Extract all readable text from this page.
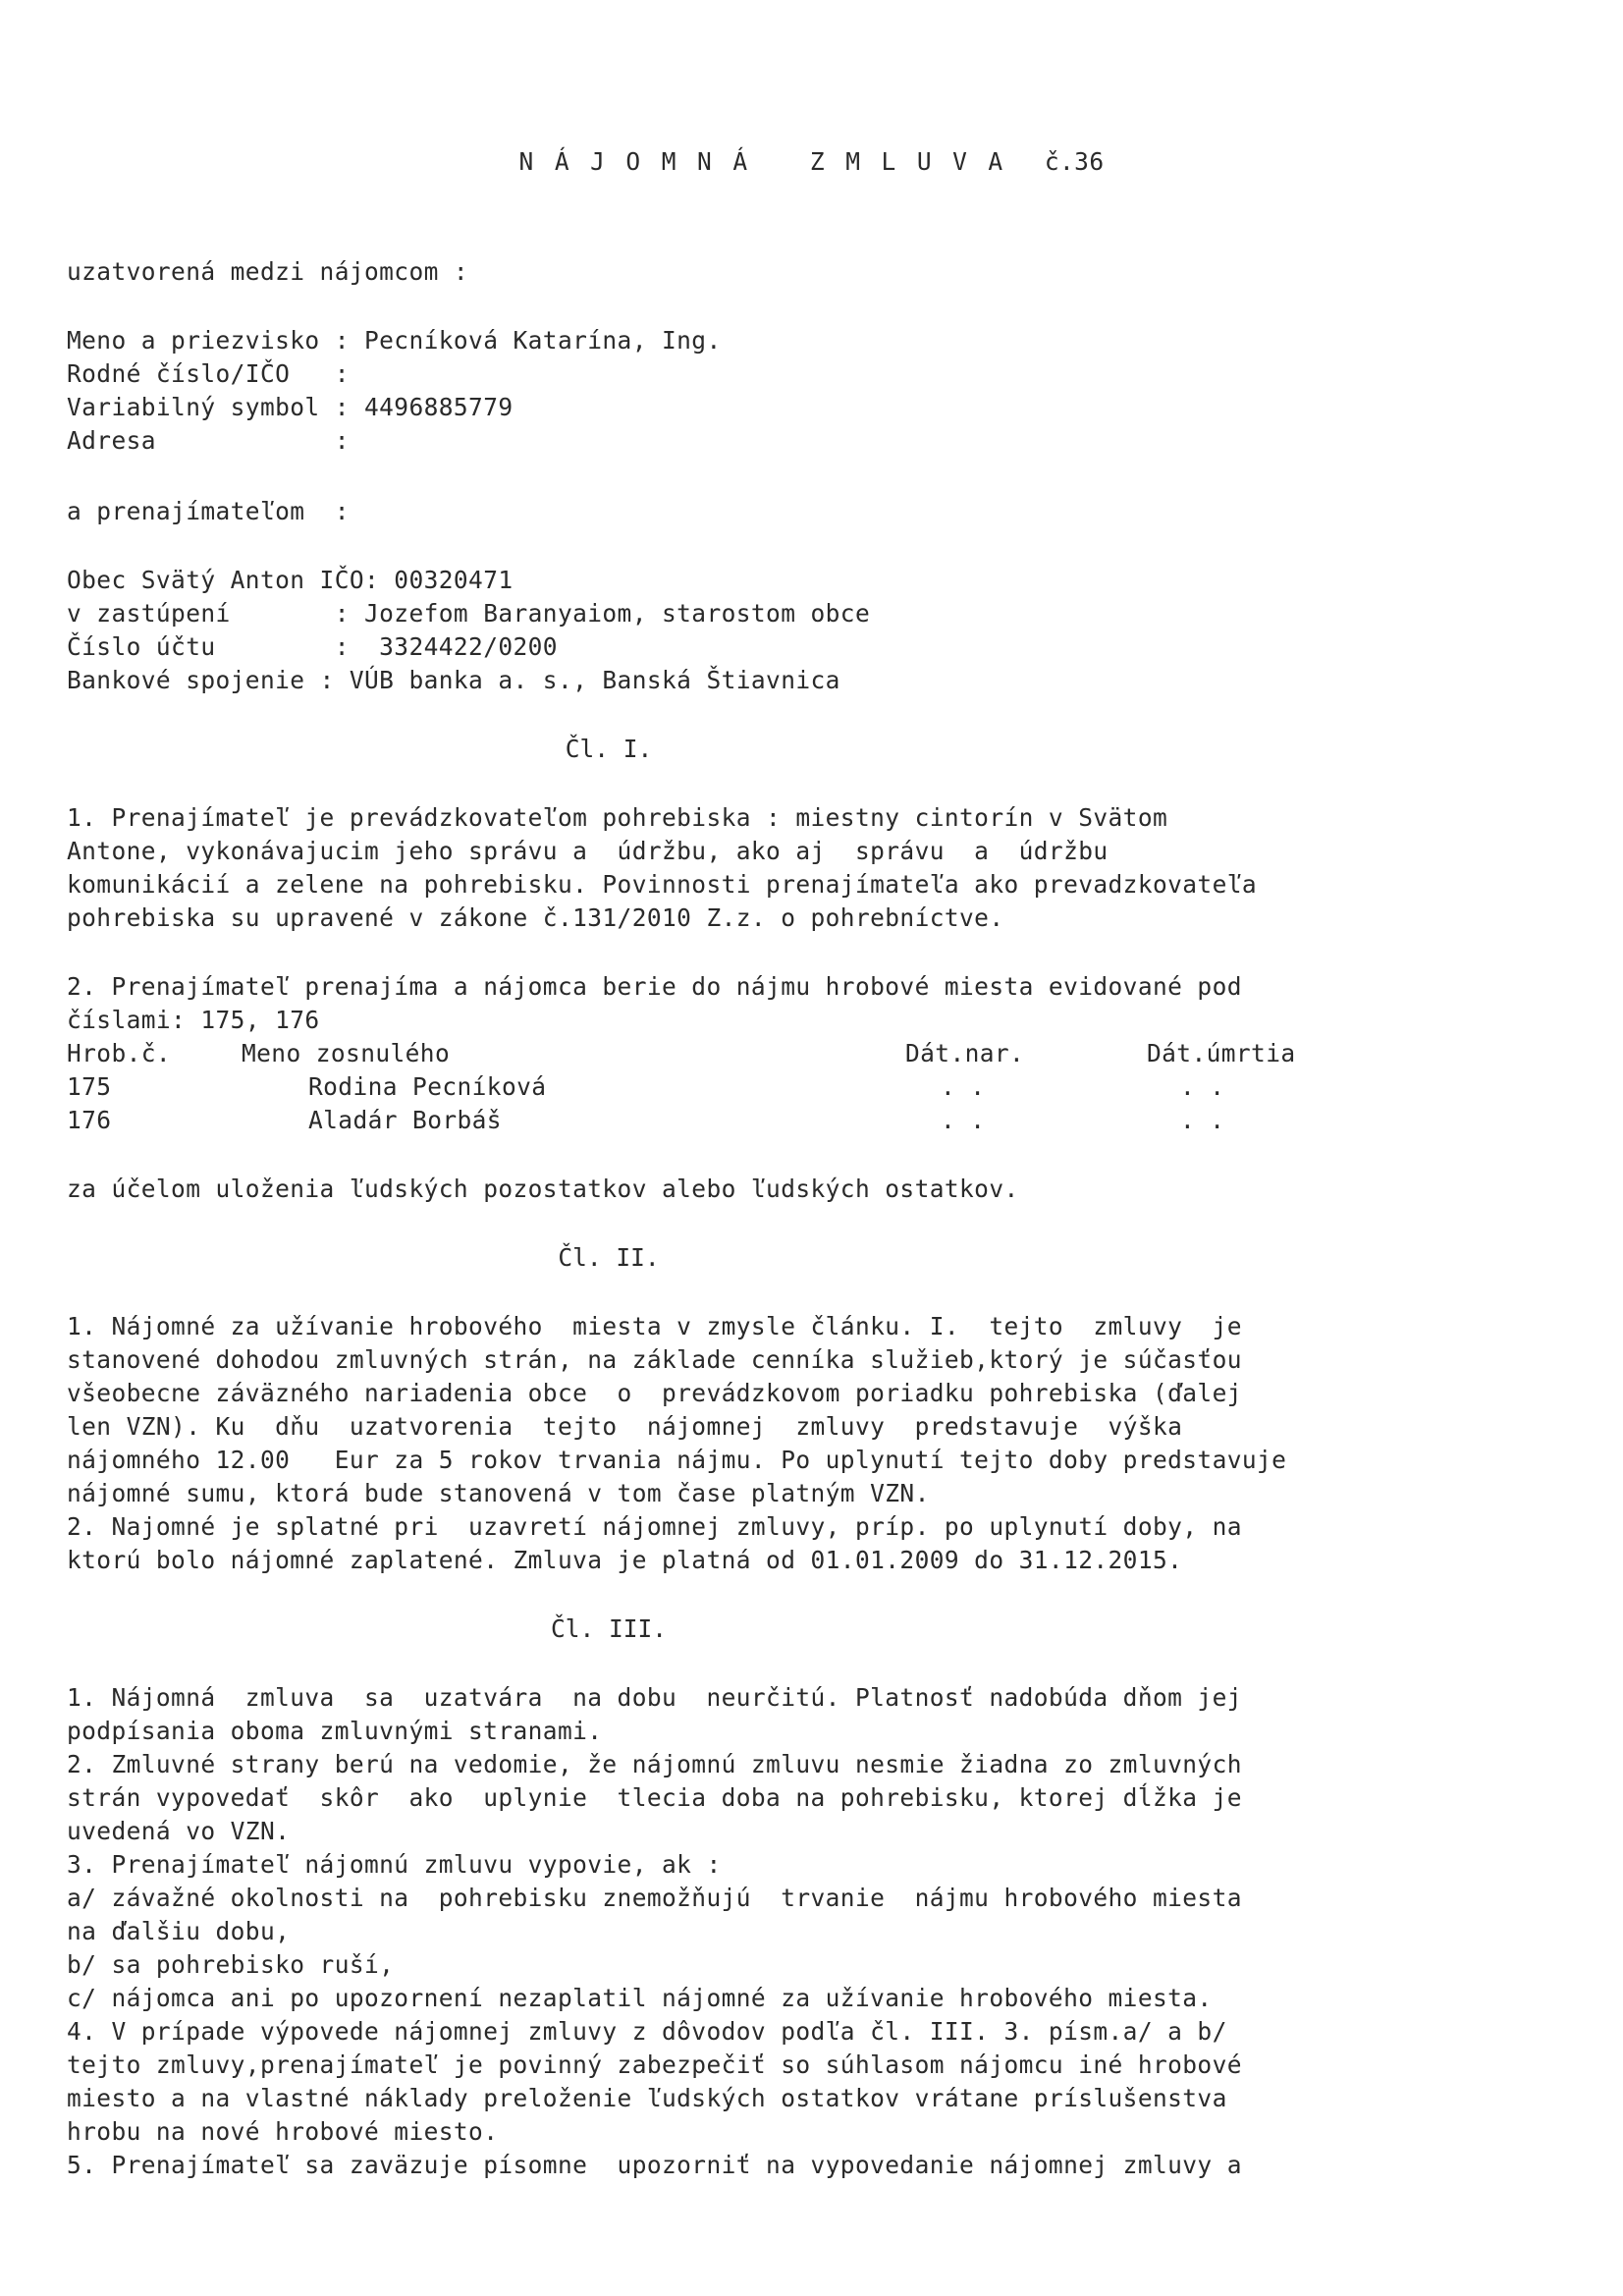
N Á J O M N Á   Z M L U V A  č.36
uzatvorená medzi nájomcom :
Meno a priezvisko : Pecníková Katarína, Ing.
Rodné číslo/IČO   :
Variabilný symbol : 4496885779
Adresa            :
a prenajímateľom  :
Obec Svätý Anton IČO: 00320471
v zastúpení       : Jozefom Baranyaiom, starostom obce
Číslo účtu        :  3324422/0200
Bankové spojenie : VÚB banka a. s., Banská Štiavnica
Čl. I.
1. Prenajímateľ je prevádzkovateľom pohrebiska : miestny cintorín v Svätom
Antone, vykonávajucim jeho správu a  údržbu, ako aj  správu  a  údržbu
komunikácií a zelene na pohrebisku. Povinnosti prenajímateľa ako prevadzkovateľa
pohrebiska su upravené v zákone č.131/2010 Z.z. o pohrebníctve.
2. Prenajímateľ prenajíma a nájomca berie do nájmu hrobové miesta evidované pod
číslami: 175, 176
Hrob.č.	Meno zosnulého	Dát.nar.	Dát.úmrtia
175	Rodina Pecníková	. .	. .
176	Aladár Borbáš	. .	. .
za účelom uloženia ľudských pozostatkov alebo ľudských ostatkov.
Čl. II.
1. Nájomné za užívanie hrobového  miesta v zmysle článku. I.  tejto  zmluvy  je
stanovené dohodou zmluvných strán, na základe cenníka služieb,ktorý je súčasťou
všeobecne záväzného nariadenia obce  o  prevádzkovom poriadku pohrebiska (ďalej
len VZN). Ku  dňu  uzatvorenia  tejto  nájomnej  zmluvy  predstavuje  výška
nájomného 12.00   Eur za 5 rokov trvania nájmu. Po uplynutí tejto doby predstavuje
nájomné sumu, ktorá bude stanovená v tom čase platným VZN.
2. Najomné je splatné pri  uzavretí nájomnej zmluvy, príp. po uplynutí doby, na
ktorú bolo nájomné zaplatené. Zmluva je platná od 01.01.2009 do 31.12.2015.
Čl. III.
1. Nájomná  zmluva  sa  uzatvára  na dobu  neurčitú. Platnosť nadobúda dňom jej
podpísania oboma zmluvnými stranami.
2. Zmluvné strany berú na vedomie, že nájomnú zmluvu nesmie žiadna zo zmluvných
strán vypovedať  skôr  ako  uplynie  tlecia doba na pohrebisku, ktorej dĺžka je
uvedená vo VZN.
3. Prenajímateľ nájomnú zmluvu vypovie, ak :
a/ závažné okolnosti na  pohrebisku znemožňujú  trvanie  nájmu hrobového miesta
na ďalšiu dobu,
b/ sa pohrebisko ruší,
c/ nájomca ani po upozornení nezaplatil nájomné za užívanie hrobového miesta.
4. V prípade výpovede nájomnej zmluvy z dôvodov podľa čl. III. 3. písm.a/ a b/
tejto zmluvy,prenajímateľ je povinný zabezpečiť so súhlasom nájomcu iné hrobové
miesto a na vlastné náklady preloženie ľudských ostatkov vrátane príslušenstva
hrobu na nové hrobové miesto.
5. Prenajímateľ sa zaväzuje písomne  upozorniť na vypovedanie nájomnej zmluvy a
